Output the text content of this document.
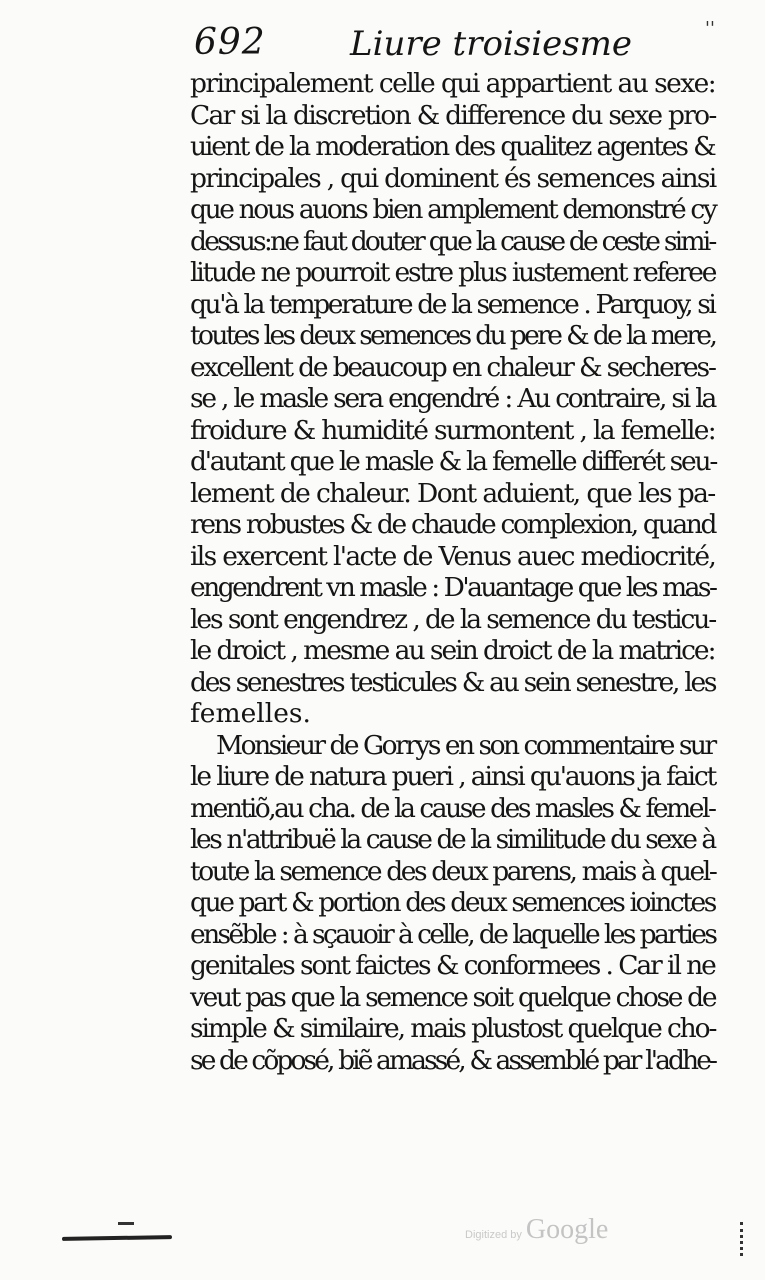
692 Liure troisiesme	''
principalement celle qui appartient au sexe:
Car si la discretion & difference du sexe pro-
uient de la moderation des qualitez agentes &
principales , qui dominent és semences ainsi
que nous auons bien amplement demonstré cy
dessus:ne faut douter que la cause de ceste simi-
litude ne pourroit estre plus iustement referee
qu'à la temperature de la semence . Parquoy, si
toutes les deux semences du pere & de la mere,
excellent de beaucoup en chaleur & secheres-
se , le masle sera engendré : Au contraire, si la
froidure & humidité surmontent , la femelle:
d'autant que le masle & la femelle differét seu-
lement de chaleur. Dont aduient, que les pa-
rens robustes & de chaude complexion, quand
ils exercent l'acte de Venus auec mediocrité,
engendrent vn masle : D'auantage que les mas-
les sont engendrez , de la semence du testicu-
le droict , mesme au sein droict de la matrice:
des senestres testicules & au sein senestre, les
femelles.
Monsieur de Gorrys en son commentaire sur
le liure de natura pueri , ainsi qu'auons ja faict
mentiõ,au cha. de la cause des masles & femel-
les n'attribuë la cause de la similitude du sexe à
toute la semence des deux parens, mais à quel-
que part & portion des deux semences ioinctes
ensẽble : à sçauoir à celle, de laquelle les parties
genitales sont faictes & conformees . Car il ne
veut pas que la semence soit quelque chose de
simple & similaire, mais plustost quelque cho-
se de cõposé, biẽ amassé, & assemblé par l'adhe-
Digitized by Google
